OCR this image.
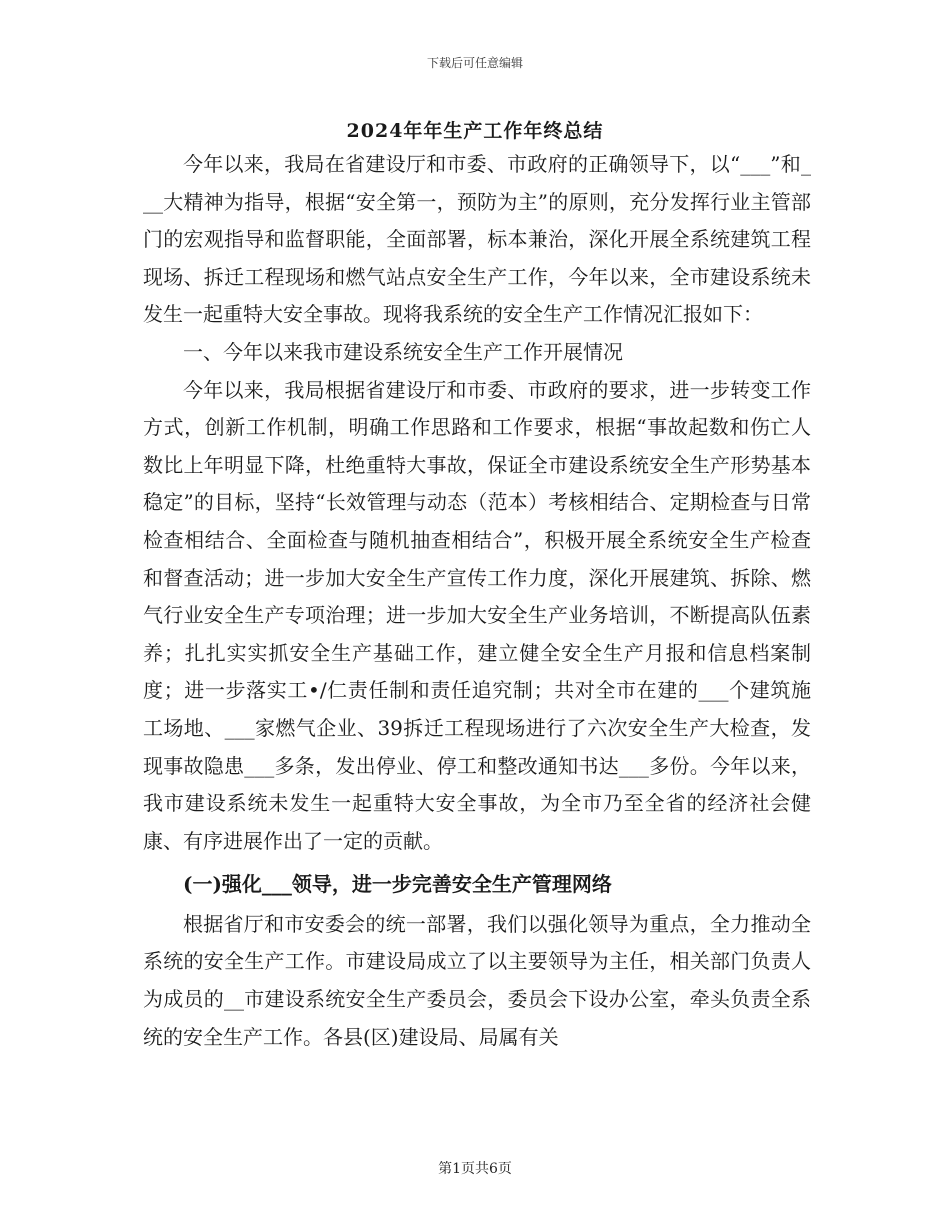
下载后可任意编辑
2024年年生产工作年终总结

今年以来，我局在省建设厅和市委、市政府的正确领导下，以“___”和___大精神为指导，根据“安全第一，预防为主”的原则，充分发挥行业主管部门的宏观指导和监督职能，全面部署，标本兼治，深化开展全系统建筑工程现场、拆迁工程现场和燃气站点安全生产工作，今年以来，全市建设系统未发生一起重特大安全事故。现将我系统的安全生产工作情况汇报如下：

一、今年以来我市建设系统安全生产工作开展情况

今年以来，我局根据省建设厅和市委、市政府的要求，进一步转变工作方式，创新工作机制，明确工作思路和工作要求，根据“事故起数和伤亡人数比上年明显下降，杜绝重特大事故，保证全市建设系统安全生产形势基本稳定”的目标，坚持“长效管理与动态（范本）考核相结合、定期检查与日常检查相结合、全面检查与随机抽查相结合”，积极开展全系统安全生产检查和督查活动；进一步加大安全生产宣传工作力度，深化开展建筑、拆除、燃气行业安全生产专项治理；进一步加大安全生产业务培训，不断提高队伍素养；扎扎实实抓安全生产基础工作，建立健全安全生产月报和信息档案制度；进一步落实工•/仁责任制和责任追究制；共对全市在建的___个建筑施工场地、___家燃气企业、39拆迁工程现场进行了六次安全生产大检查，发现事故隐患___多条，发出停业、停工和整改通知书达___多份。今年以来，我市建设系统未发生一起重特大安全事故，为全市乃至全省的经济社会健康、有序进展作出了一定的贡献。

(一)强化___领导，进一步完善安全生产管理网络

根据省厅和市安委会的统一部署，我们以强化领导为重点，全力推动全系统的安全生产工作。市建设局成立了以主要领导为主任，相关部门负责人为成员的__市建设系统安全生产委员会，委员会下设办公室，牵头负责全系统的安全生产工作。各县(区)建设局、局属有关

第1页共6页
